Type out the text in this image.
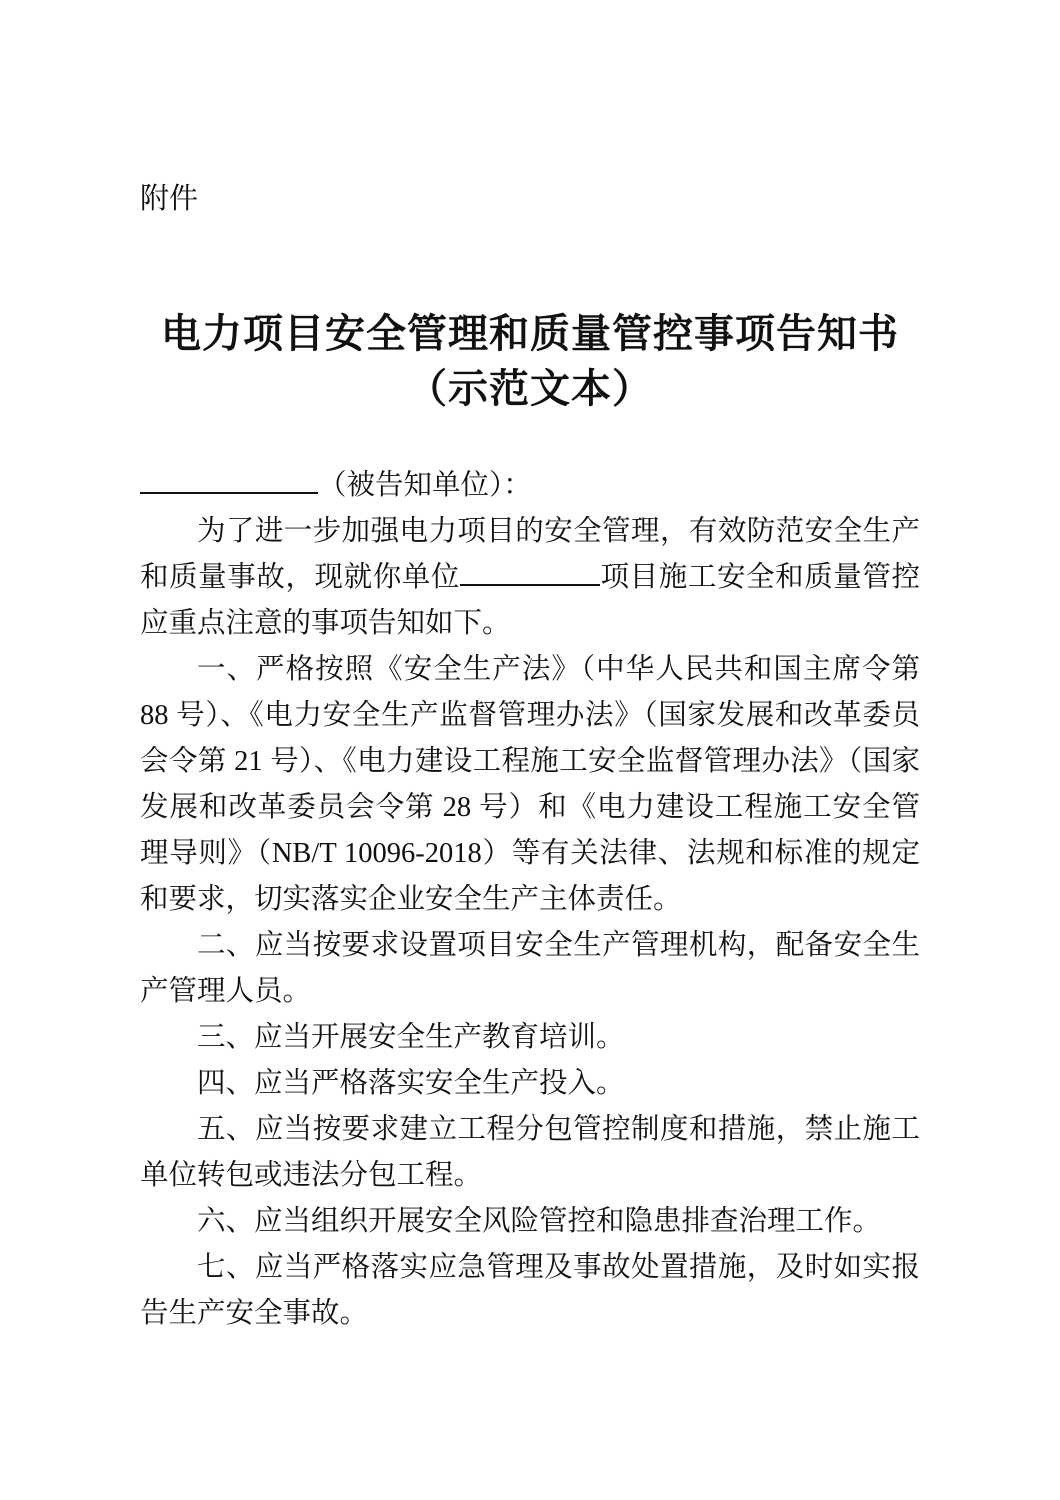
附件
电力项目安全管理和质量管控事项告知书
（示范文本）

（被告知单位）：

为了进一步加强电力项目的安全管理，有效防范安全生产和质量事故，现就你单位	项目施工安全和质量管控应重点注意的事项告知如下。

一、严格按照《安全生产法》（中华人民共和国主席令第 88 号）、《电力安全生产监督管理办法》（国家发展和改革委员会令第 21 号）、《电力建设工程施工安全监督管理办法》（国家发展和改革委员会令第 28 号）和《电力建设工程施工安全管理导则》（NB/T 10096-2018）等有关法律、法规和标准的规定和要求，切实落实企业安全生产主体责任。

二、应当按要求设置项目安全生产管理机构，配备安全生产管理人员。

三、应当开展安全生产教育培训。

四、应当严格落实安全生产投入。

五、应当按要求建立工程分包管控制度和措施，禁止施工单位转包或违法分包工程。

六、应当组织开展安全风险管控和隐患排查治理工作。

七、应当严格落实应急管理及事故处置措施，及时如实报告生产安全事故。
